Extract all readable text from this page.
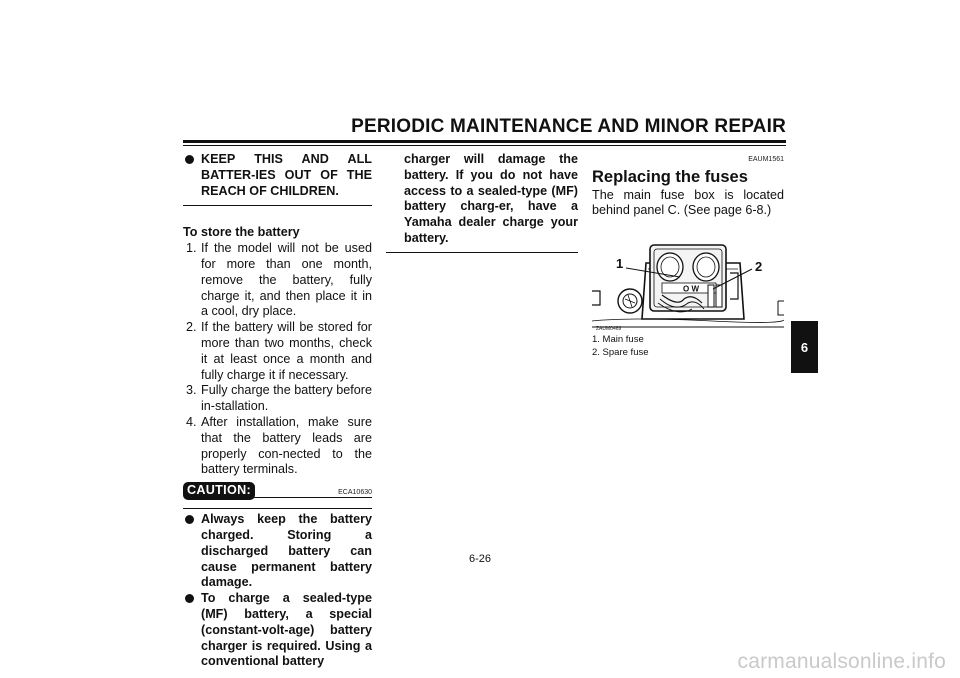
PERIODIC MAINTENANCE AND MINOR REPAIR
KEEP THIS AND ALL BATTER-IES OUT OF THE REACH OF CHILDREN.
To store the battery
1. If the model will not be used for more than one month, remove the battery, fully charge it, and then place it in a cool, dry place.
2. If the battery will be stored for more than two months, check it at least once a month and fully charge it if necessary.
3. Fully charge the battery before in-stallation.
4. After installation, make sure that the battery leads are properly con-nected to the battery terminals.
CAUTION:	ECA10630
Always keep the battery charged. Storing a discharged battery can cause permanent battery damage.
To charge a sealed-type (MF) battery, a special (constant-volt-age) battery charger is required. Using a conventional battery
charger will damage the battery. If you do not have access to a sealed-type (MF) battery charg-er, have a Yamaha dealer charge your battery.
EAUM1561
Replacing the fuses
The main fuse box is located behind panel C. (See page 6-8.)
O W
1	2
ZAUM0469
1. Main fuse
2. Spare fuse	6
6-26
carmanualsonline.info
